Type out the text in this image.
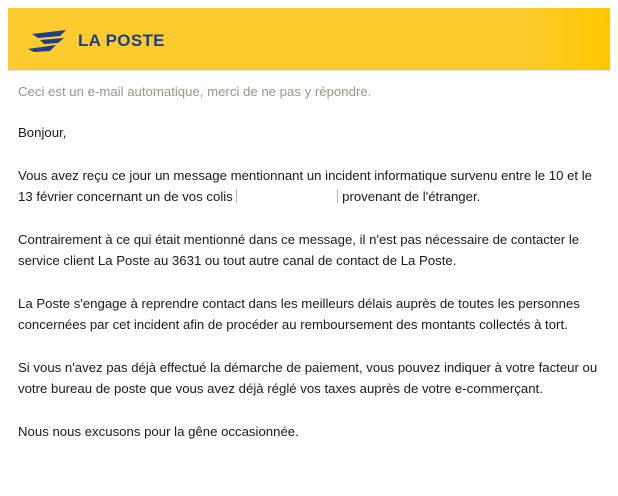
LA POSTE
Ceci est un e-mail automatique, merci de ne pas y répondre.

Bonjour,

Vous avez reçu ce jour un message mentionnant un incident informatique survenu entre le 10 et le 13 février concernant un de vos colis	provenant de l'étranger.

Contrairement à ce qui était mentionné dans ce message, il n'est pas nécessaire de contacter le service client La Poste au 3631 ou tout autre canal de contact de La Poste.

La Poste s'engage à reprendre contact dans les meilleurs délais auprès de toutes les personnes concernées par cet incident afin de procéder au remboursement des montants collectés à tort.

Si vous n'avez pas déjà effectué la démarche de paiement, vous pouvez indiquer à votre facteur ou votre bureau de poste que vous avez déjà réglé vos taxes auprès de votre e-commerçant.

Nous nous excusons pour la gêne occasionnée.
